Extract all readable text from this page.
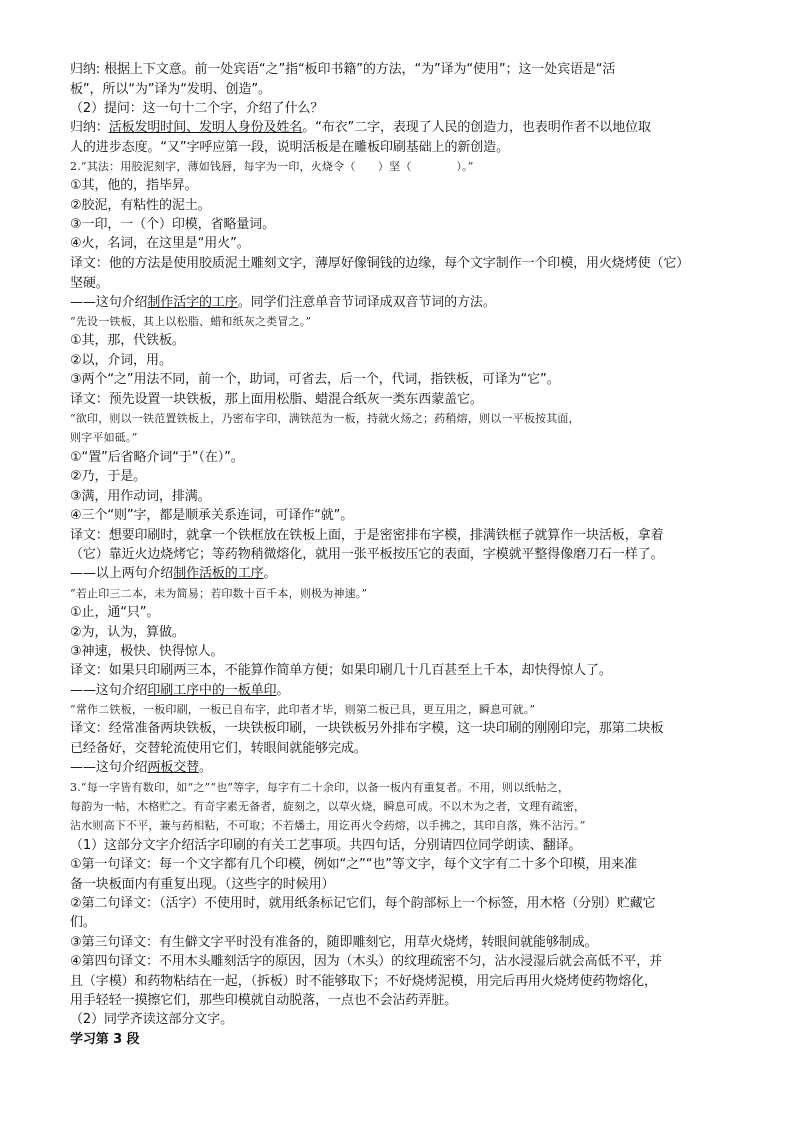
归纳: 根据上下文意。前一处宾语“之”指“板印书籍”的方法，“为”译为“使用”；这一处宾语是“活
板”，所以“为”译为“发明、创造”。
（2）提问：这一句十二个字，介绍了什么？
归纳：活板发明时间、发明人身份及姓名。“布衣”二字，表现了人民的创造力，也表明作者不以地位取
人的进步态度。“又”字呼应第一段，说明活板是在雕板印刷基础上的新创造。
2.“其法：用胶泥刻字，薄如钱唇，每字为一印，火烧令（　　）坚（　　　　）。”
①其，他的，指毕昇。
②胶泥，有粘性的泥土。
③一印，一（个）印模，省略量词。
④火，名词，在这里是“用火”。
译文：他的方法是使用胶质泥土雕刻文字，薄厚好像铜钱的边缘，每个文字制作一个印模，用火烧烤使（它）
坚硬。
——这句介绍制作活字的工序。同学们注意单音节词译成双音节词的方法。
“先设一铁板，其上以松脂、蜡和纸灰之类冒之。”
①其，那，代铁板。
②以，介词，用。
③两个“之”用法不同，前一个，助词，可省去，后一个，代词，指铁板，可译为“它”。
译文：预先设置一块铁板，那上面用松脂、蜡混合纸灰一类东西蒙盖它。
“欲印，则以一铁范置铁板上，乃密布字印，满铁范为一板，持就火炀之；药稍熔，则以一平板按其面，
则字平如砥。”
①“置”后省略介词“于”（在）”。
②乃，于是。
③满，用作动词，排满。
④三个“则”字，都是顺承关系连词，可译作“就”。
译文：想要印刷时，就拿一个铁框放在铁板上面，于是密密排布字模，排满铁框子就算作一块活板，拿着
（它）靠近火边烧烤它；等药物稍微熔化，就用一张平板按压它的表面，字模就平整得像磨刀石一样了。
——以上两句介绍制作活板的工序。
“若止印三二本，未为简易；若印数十百千本，则极为神速。”
①止，通“只”。
②为，认为，算做。
③神速，极快、快得惊人。
译文：如果只印刷两三本，不能算作简单方便；如果印刷几十几百甚至上千本，却快得惊人了。
——这句介绍印刷工序中的一板单印。
“常作二铁板，一板印刷，一板已自布字，此印者才毕，则第二板已具，更互用之，瞬息可就。”
译文：经常准备两块铁板，一块铁板印刷，一块铁板另外排布字模，这一块印刷的刚刚印完，那第二块板
已经备好，交替轮流使用它们，转眼间就能够完成。
——这句介绍两板交替。
3.“每一字皆有数印，如“之”“也”等字，每字有二十余印，以备一板内有重复者。不用，则以纸帖之，
每韵为一帖，木格贮之。有奇字素无备者，旋刻之，以草火烧，瞬息可成。不以木为之者，文理有疏密，
沾水则高下不平，兼与药相粘，不可取；不若燔土，用讫再火令药熔，以手拂之，其印自落，殊不沾污。”
（1）这部分文字介绍活字印刷的有关工艺事项。共四句话，分别请四位同学朗读、翻译。
①第一句译文：每一个文字都有几个印模，例如“之”“也”等文字，每个文字有二十多个印模，用来准
备一块板面内有重复出现。（这些字的时候用）
②第二句译文：（活字）不使用时，就用纸条标记它们，每个韵部标上一个标签，用木格（分别）贮藏它
们。
③第三句译文：有生僻文字平时没有准备的，随即雕刻它，用草火烧烤，转眼间就能够制成。
④第四句译文：不用木头雕刻活字的原因，因为（木头）的纹理疏密不匀，沾水浸湿后就会高低不平，并
且（字模）和药物粘结在一起，（拆板）时不能够取下；不好烧烤泥模，用完后再用火烧烤使药物熔化，
用手轻轻一摸擦它们，那些印模就自动脱落，一点也不会沾药弄脏。
（2）同学齐读这部分文字。
学习第 3 段
